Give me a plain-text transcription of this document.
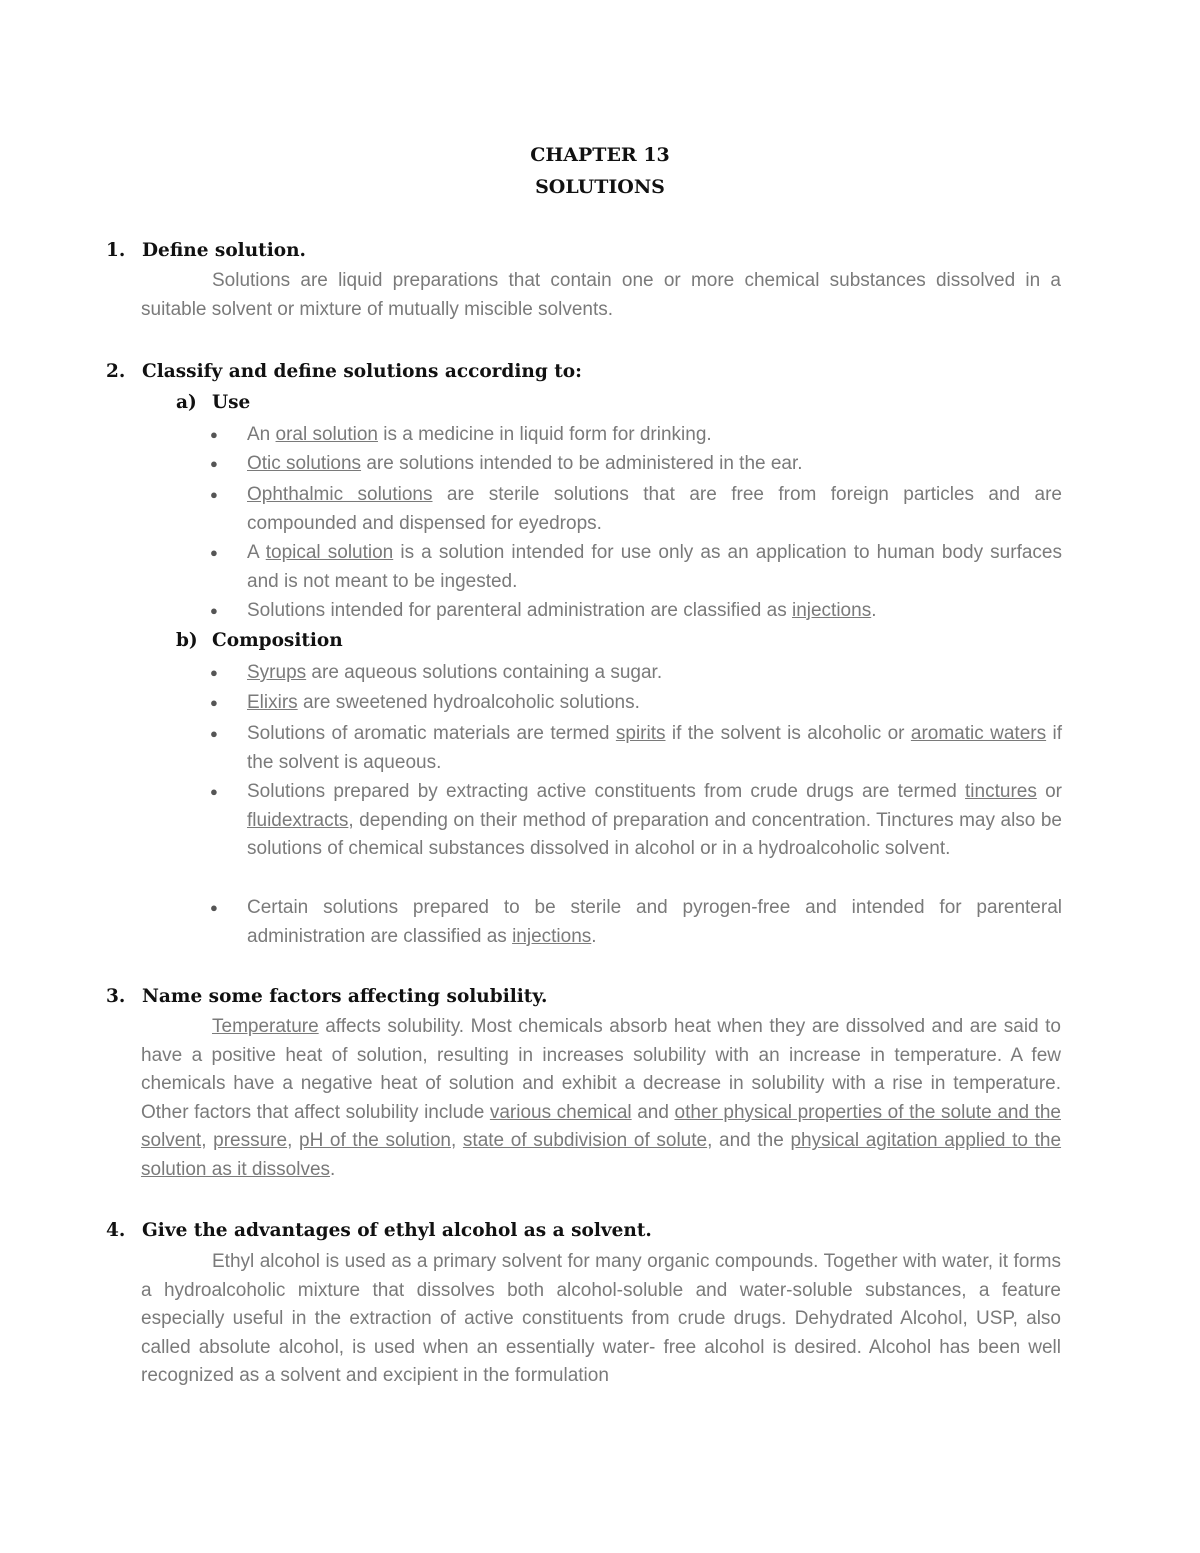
CHAPTER 13
SOLUTIONS
1. Define solution.

Solutions are liquid preparations that contain one or more chemical substances dissolved in a suitable solvent or mixture of mutually miscible solvents.

2. Classify and define solutions according to:
a) Use
●	An oral solution is a medicine in liquid form for drinking.
●	Otic solutions are solutions intended to be administered in the ear.
●	Ophthalmic solutions are sterile solutions that are free from foreign particles and are compounded and dispensed for eyedrops.
●	A topical solution is a solution intended for use only as an application to human body surfaces and is not meant to be ingested.
●	Solutions intended for parenteral administration are classified as injections.
b) Composition
●	Syrups are aqueous solutions containing a sugar.
●	Elixirs are sweetened hydroalcoholic solutions.
●	Solutions of aromatic materials are termed spirits if the solvent is alcoholic or aromatic waters if the solvent is aqueous.
●	Solutions prepared by extracting active constituents from crude drugs are termed tinctures or fluidextracts, depending on their method of preparation and concentration. Tinctures may also be solutions of chemical substances dissolved in alcohol or in a hydroalcoholic solvent.
●	Certain solutions prepared to be sterile and pyrogen-free and intended for parenteral administration are classified as injections.
3. Name some factors affecting solubility.

Temperature affects solubility. Most chemicals absorb heat when they are dissolved and are said to have a positive heat of solution, resulting in increases solubility with an increase in temperature. A few chemicals have a negative heat of solution and exhibit a decrease in solubility with a rise in temperature. Other factors that affect solubility include various chemical and other physical properties of the solute and the solvent, pressure, pH of the solution, state of subdivision of solute, and the physical agitation applied to the solution as it dissolves.

4. Give the advantages of ethyl alcohol as a solvent.

Ethyl alcohol is used as a primary solvent for many organic compounds. Together with water, it forms a hydroalcoholic mixture that dissolves both alcohol-soluble and water-soluble substances, a feature especially useful in the extraction of active constituents from crude drugs. Dehydrated Alcohol, USP, also called absolute alcohol, is used when an essentially water- free alcohol is desired. Alcohol has been well recognized as a solvent and excipient in the formulation
